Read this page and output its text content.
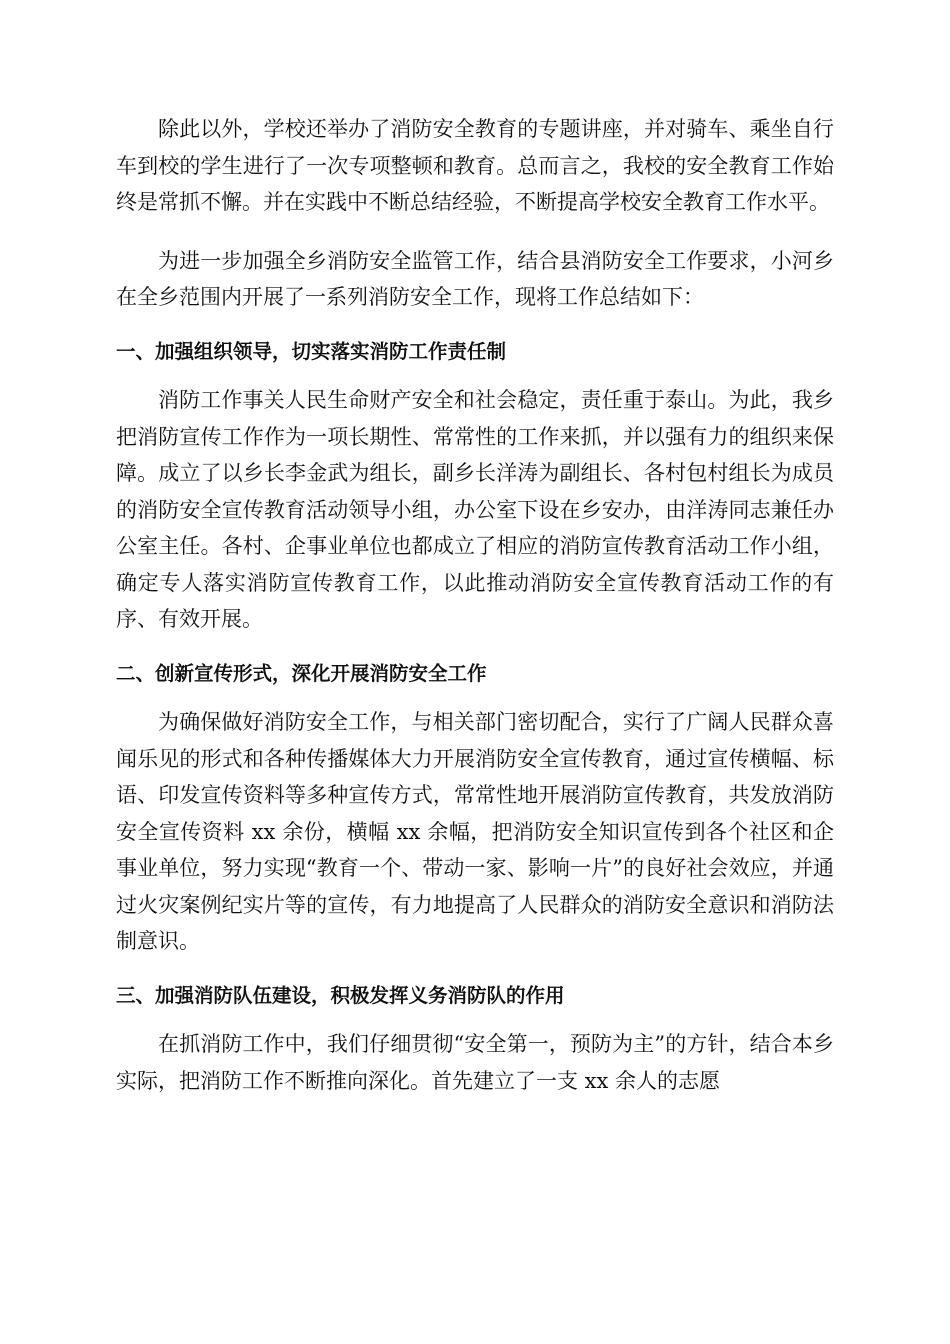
除此以外，学校还举办了消防安全教育的专题讲座，并对骑车、乘坐自行车到校的学生进行了一次专项整顿和教育。总而言之，我校的安全教育工作始终是常抓不懈。并在实践中不断总结经验，不断提高学校安全教育工作水平。

为进一步加强全乡消防安全监管工作，结合县消防安全工作要求，小河乡在全乡范围内开展了一系列消防安全工作，现将工作总结如下：

一、加强组织领导，切实落实消防工作责任制

消防工作事关人民生命财产安全和社会稳定，责任重于泰山。为此，我乡把消防宣传工作作为一项长期性、常常性的工作来抓，并以强有力的组织来保障。成立了以乡长李金武为组长，副乡长洋涛为副组长、各村包村组长为成员的消防安全宣传教育活动领导小组，办公室下设在乡安办，由洋涛同志兼任办公室主任。各村、企事业单位也都成立了相应的消防宣传教育活动工作小组，确定专人落实消防宣传教育工作，以此推动消防安全宣传教育活动工作的有序、有效开展。

二、创新宣传形式，深化开展消防安全工作

为确保做好消防安全工作，与相关部门密切配合，实行了广阔人民群众喜闻乐见的形式和各种传播媒体大力开展消防安全宣传教育，通过宣传横幅、标语、印发宣传资料等多种宣传方式，常常性地开展消防宣传教育，共发放消防安全宣传资料 xx 余份，横幅 xx 余幅，把消防安全知识宣传到各个社区和企事业单位，努力实现“教育一个、带动一家、影响一片”的良好社会效应，并通过火灾案例纪实片等的宣传，有力地提高了人民群众的消防安全意识和消防法制意识。

三、加强消防队伍建设，积极发挥义务消防队的作用

在抓消防工作中，我们仔细贯彻“安全第一，预防为主”的方针，结合本乡实际，把消防工作不断推向深化。首先建立了一支 xx 余人的志愿
